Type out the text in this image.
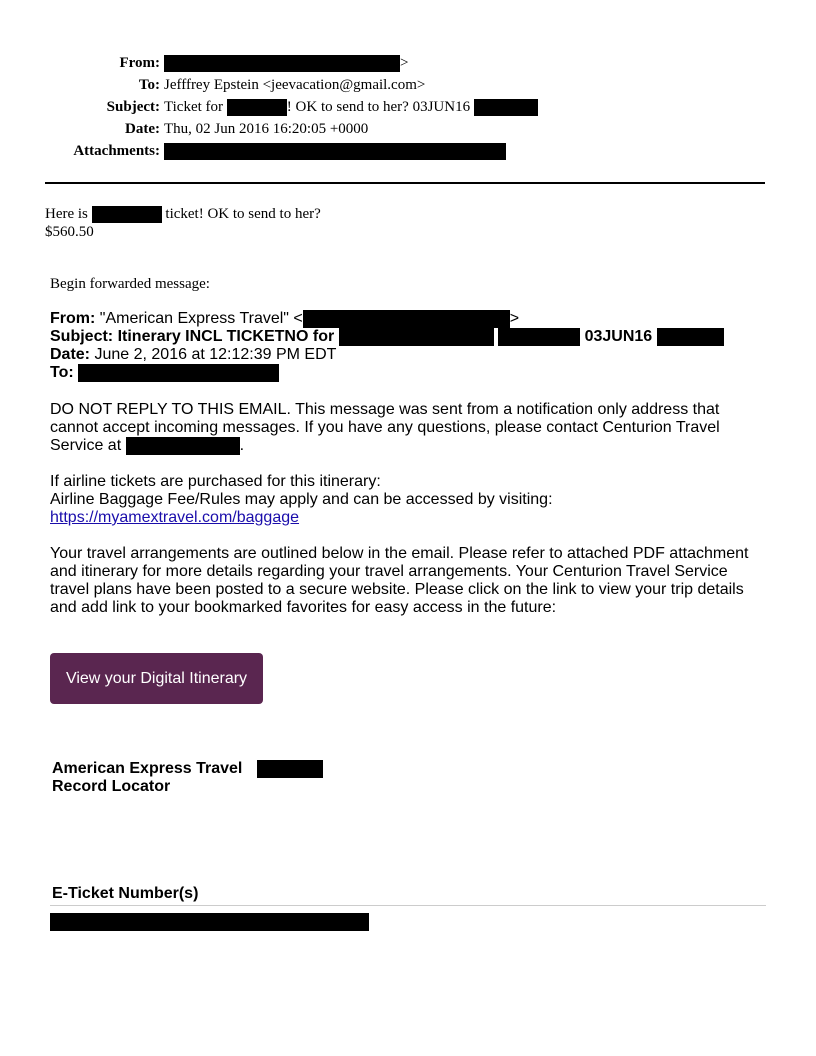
From:	>
To: Jefffrey Epstein <jeevacation@gmail.com>
Subject: Ticket for	! OK to send to her? 03JUN16
Date: Thu, 02 Jun 2016 16:20:05 +0000
Attachments:
Here is	ticket! OK to send to her?
$560.50
Begin forwarded message:
From: "American Express Travel" <	>
Subject: Itinerary INCL TICKETNO for	03JUN16
Date: June 2, 2016 at 12:12:39 PM EDT
To:
DO NOT REPLY TO THIS EMAIL. This message was sent from a notification only address that
cannot accept incoming messages. If you have any questions, please contact Centurion Travel
Service at	.
If airline tickets are purchased for this itinerary:
Airline Baggage Fee/Rules may apply and can be accessed by visiting:
https://myamextravel.com/baggage
Your travel arrangements are outlined below in the email. Please refer to attached PDF attachment
and itinerary for more details regarding your travel arrangements. Your Centurion Travel Service
travel plans have been posted to a secure website. Please click on the link to view your trip details
and add link to your bookmarked favorites for easy access in the future:
View your Digital Itinerary
American Express Travel
Record Locator
E-Ticket Number(s)
